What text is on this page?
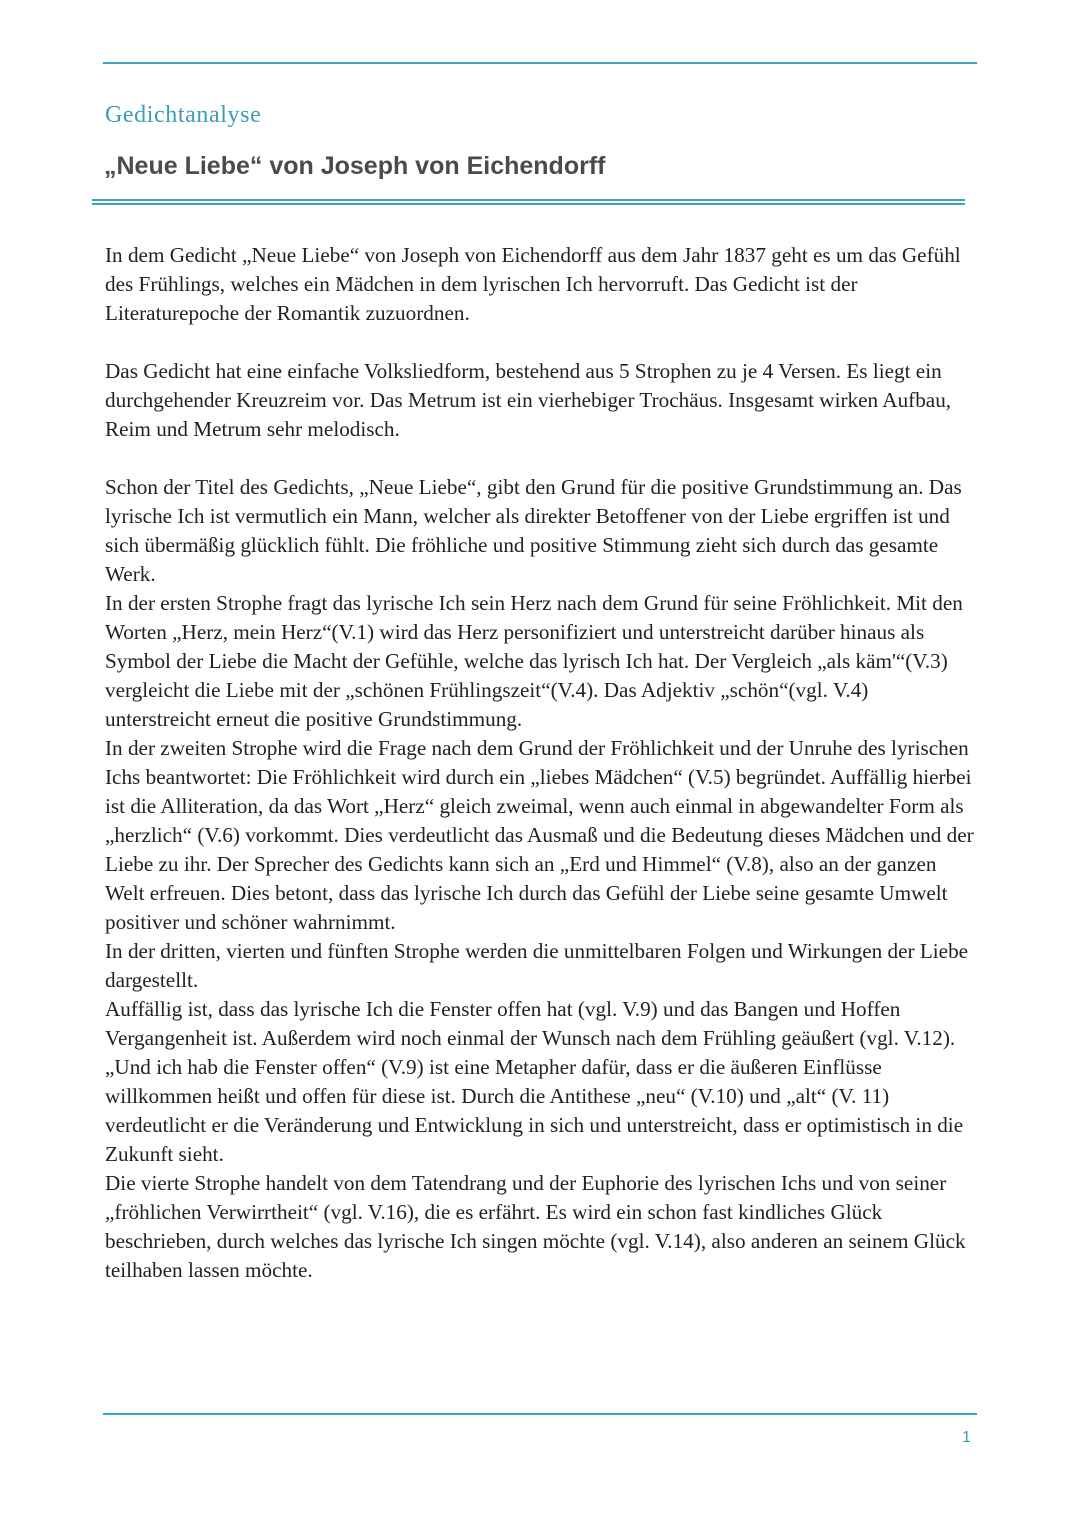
Gedichtanalyse
„Neue Liebe“ von Joseph von Eichendorff

In dem Gedicht „Neue Liebe“ von Joseph von Eichendorff aus dem Jahr 1837 geht es um das Gefühl des Frühlings, welches ein Mädchen in dem lyrischen Ich hervorruft. Das Gedicht ist der Literaturepoche der Romantik zuzuordnen.

Das Gedicht hat eine einfache Volksliedform, bestehend aus 5 Strophen zu je 4 Versen. Es liegt ein durchgehender Kreuzreim vor. Das Metrum ist ein vierhebiger Trochäus. Insgesamt wirken Aufbau, Reim und Metrum sehr melodisch.

Schon der Titel des Gedichts, „Neue Liebe“, gibt den Grund für die positive Grundstimmung an. Das lyrische Ich ist vermutlich ein Mann, welcher als direkter Betoffener von der Liebe ergriffen ist und sich übermäßig glücklich fühlt. Die fröhliche und positive Stimmung zieht sich durch das gesamte Werk.

In der ersten Strophe fragt das lyrische Ich sein Herz nach dem Grund für seine Fröhlichkeit. Mit den Worten „Herz, mein Herz“(V.1) wird das Herz personifiziert und unterstreicht darüber hinaus als Symbol der Liebe die Macht der Gefühle, welche das lyrisch Ich hat. Der Vergleich „als käm'“(V.3) vergleicht die Liebe mit der „schönen Frühlingszeit“(V.4). Das Adjektiv „schön“(vgl. V.4) unterstreicht erneut die positive Grundstimmung.

In der zweiten Strophe wird die Frage nach dem Grund der Fröhlichkeit und der Unruhe des lyrischen Ichs beantwortet: Die Fröhlichkeit wird durch ein „liebes Mädchen“ (V.5) begründet. Auffällig hierbei ist die Alliteration, da das Wort „Herz“ gleich zweimal, wenn auch einmal in abgewandelter Form als „herzlich“ (V.6) vorkommt. Dies verdeutlicht das Ausmaß und die Bedeutung dieses Mädchen und der Liebe zu ihr. Der Sprecher des Gedichts kann sich an „Erd und Himmel“ (V.8), also an der ganzen Welt erfreuen. Dies betont, dass das lyrische Ich durch das Gefühl der Liebe seine gesamte Umwelt positiver und schöner wahrnimmt.

In der dritten, vierten und fünften Strophe werden die unmittelbaren Folgen und Wirkungen der Liebe dargestellt.

Auffällig ist, dass das lyrische Ich die Fenster offen hat (vgl. V.9) und das Bangen und Hoffen Vergangenheit ist. Außerdem wird noch einmal der Wunsch nach dem Frühling geäußert (vgl. V.12). „Und ich hab die Fenster offen“ (V.9) ist eine Metapher dafür, dass er die äußeren Einflüsse willkommen heißt und offen für diese ist. Durch die Antithese „neu“ (V.10) und „alt“ (V. 11) verdeutlicht er die Veränderung und Entwicklung in sich und unterstreicht, dass er optimistisch in die Zukunft sieht.

Die vierte Strophe handelt von dem Tatendrang und der Euphorie des lyrischen Ichs und von seiner „fröhlichen Verwirrtheit“ (vgl. V.16), die es erfährt. Es wird ein schon fast kindliches Glück beschrieben, durch welches das lyrische Ich singen möchte (vgl. V.14), also anderen an seinem Glück teilhaben lassen möchte.

1
